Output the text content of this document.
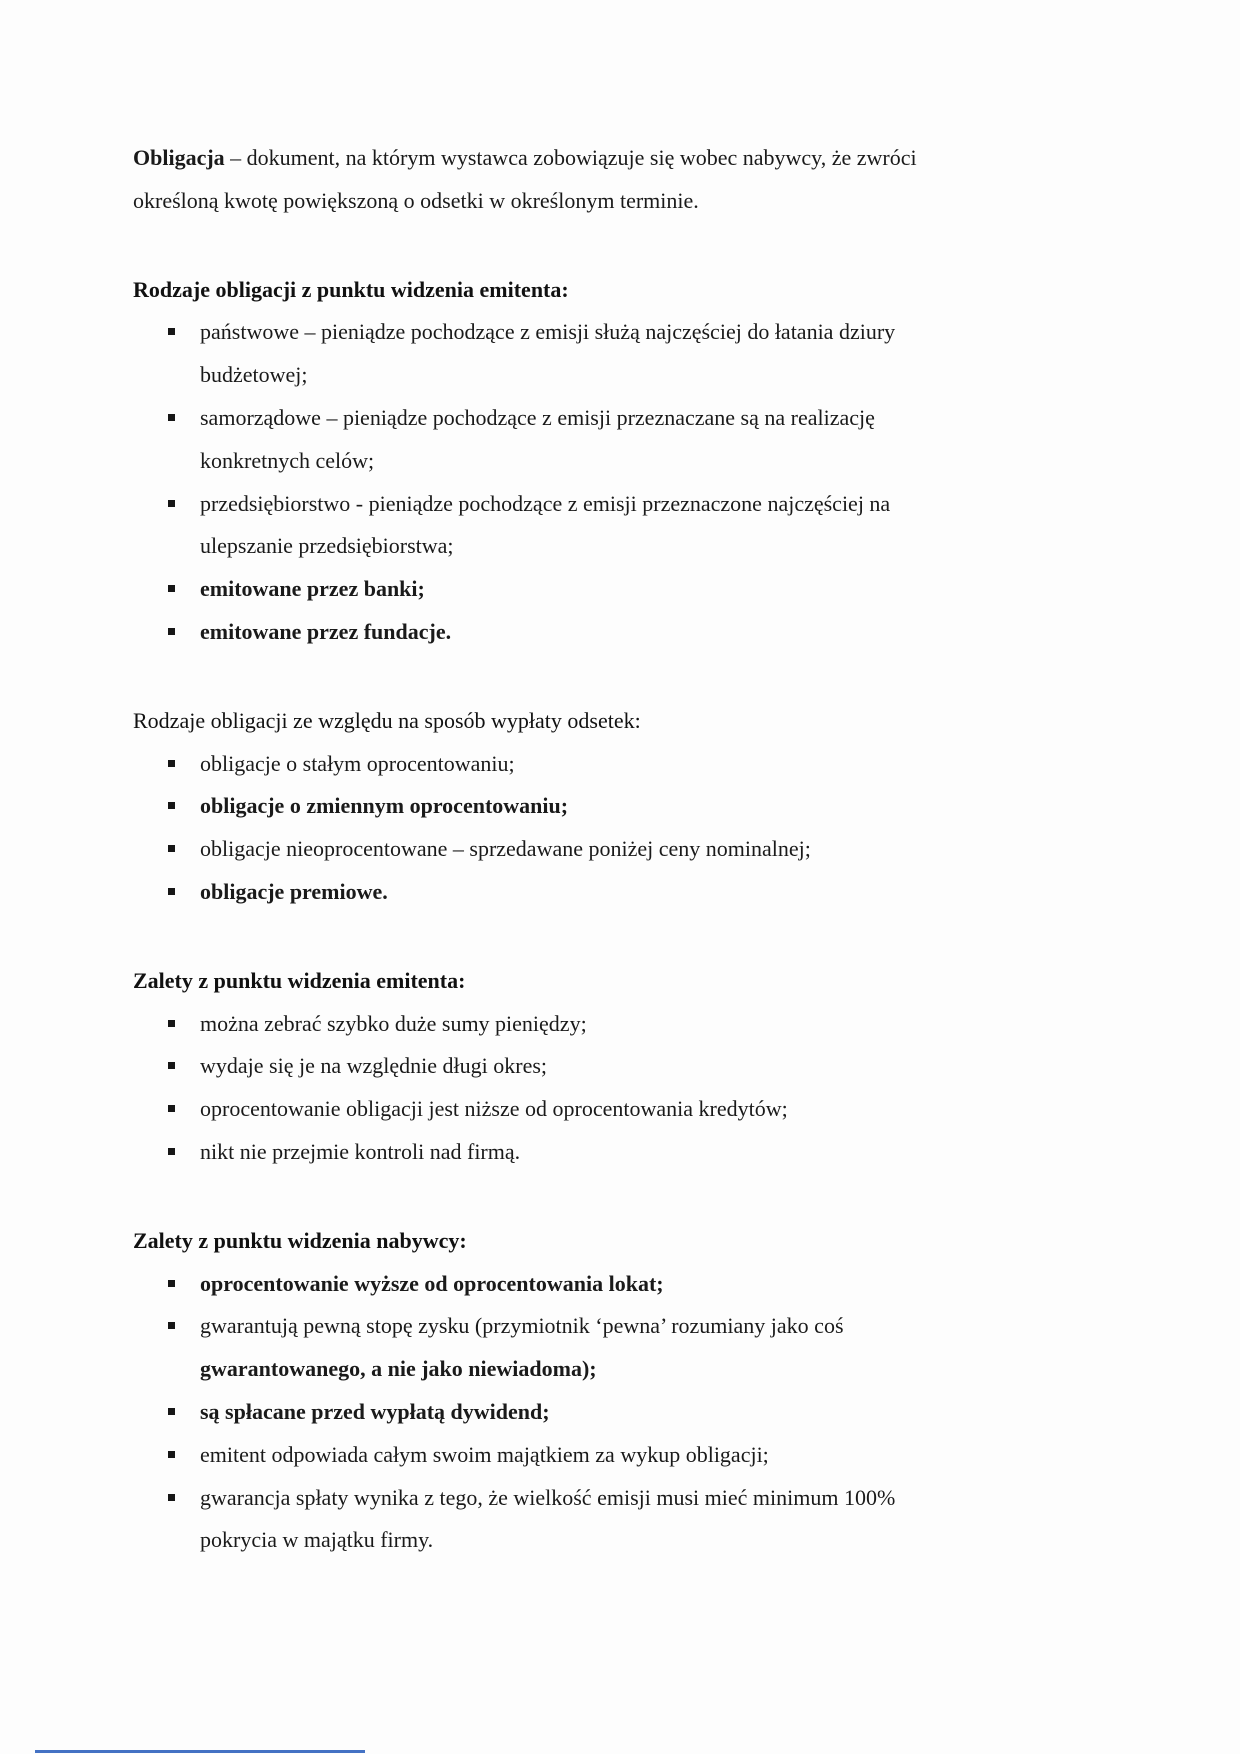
Obligacja – dokument, na którym wystawca zobowiązuje się wobec nabywcy, że zwróci

określoną kwotę powiększoną o odsetki w określonym terminie.

Rodzaje obligacji z punktu widzenia emitenta:

państwowe – pieniądze pochodzące z emisji służą najczęściej do łatania dziury

budżetowej;

samorządowe – pieniądze pochodzące z emisji przeznaczane są na realizację

konkretnych celów;

przedsiębiorstwo - pieniądze pochodzące z emisji przeznaczone najczęściej na

ulepszanie przedsiębiorstwa;

emitowane przez banki;
emitowane przez fundacje.

Rodzaje obligacji ze względu na sposób wypłaty odsetek:

obligacje o stałym oprocentowaniu;
obligacje o zmiennym oprocentowaniu;
obligacje nieoprocentowane – sprzedawane poniżej ceny nominalnej;
obligacje premiowe.

Zalety z punktu widzenia emitenta:

można zebrać szybko duże sumy pieniędzy;
wydaje się je na względnie długi okres;
oprocentowanie obligacji jest niższe od oprocentowania kredytów;
nikt nie przejmie kontroli nad firmą.

Zalety z punktu widzenia nabywcy:

oprocentowanie wyższe od oprocentowania lokat;
gwarantują pewną stopę zysku (przymiotnik ‘pewna’ rozumiany jako coś

gwarantowanego, a nie jako niewiadoma);

są spłacane przed wypłatą dywidend;
emitent odpowiada całym swoim majątkiem za wykup obligacji;
gwarancja spłaty wynika z tego, że wielkość emisji musi mieć minimum 100%

pokrycia w majątku firmy.
